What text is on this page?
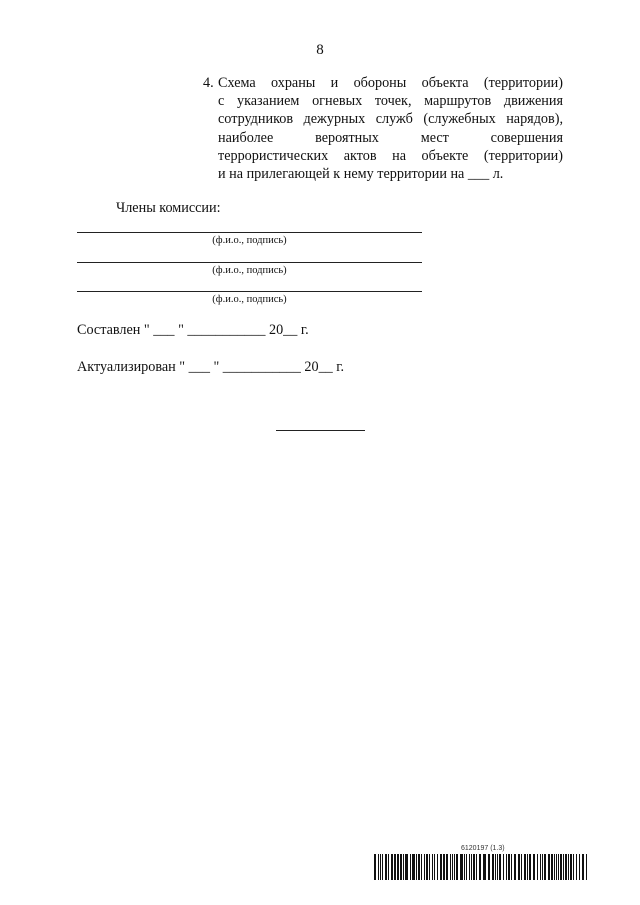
8
4. Схема охраны и обороны объекта (территории)
с указанием огневых точек, маршрутов движения
сотрудников дежурных служб (служебных нарядов),
наиболее вероятных мест совершения
террористических актов на объекте (территории)
и на прилегающей к нему территории на ___ л.
Члены комиссии:
(ф.и.о., подпись)
(ф.и.о., подпись)
(ф.и.о., подпись)
Составлен " ___ " ___________ 20__ г.
Актуализирован " ___ " ___________ 20__ г.
6120197 (1.3)
